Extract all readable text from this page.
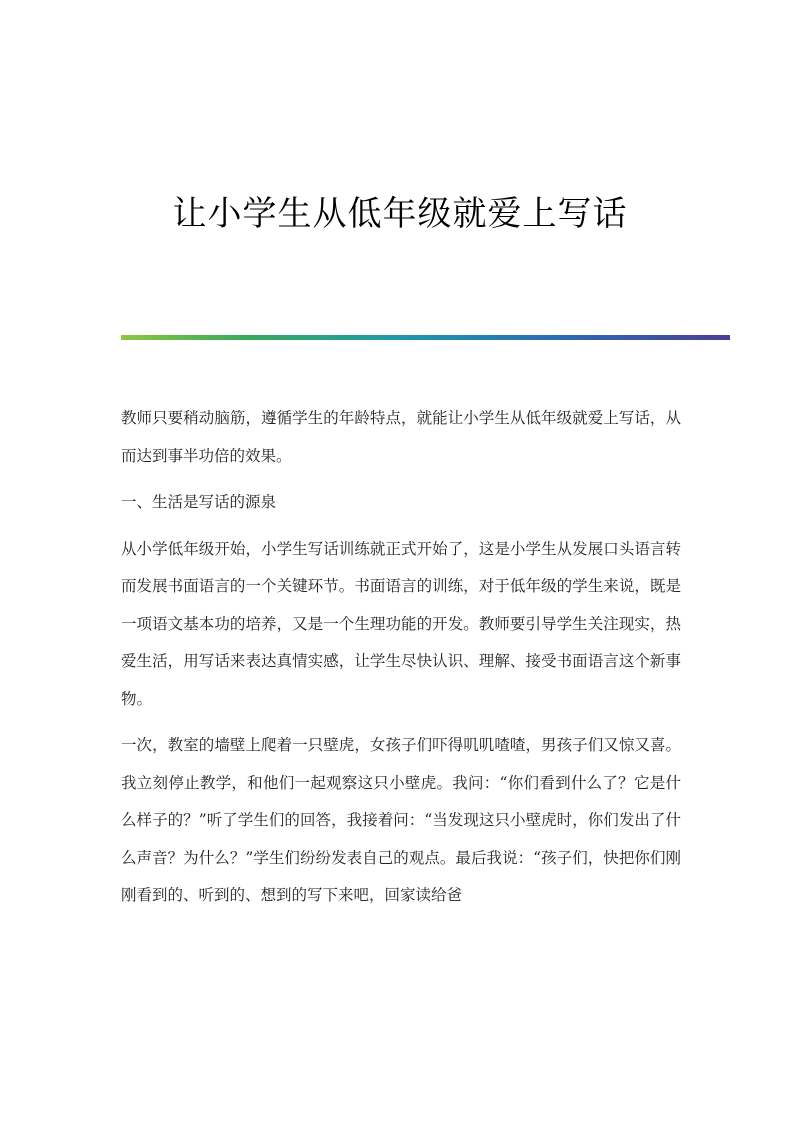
让小学生从低年级就爱上写话

教师只要稍动脑筋，遵循学生的年龄特点，就能让小学生从低年级就爱上写话，从而达到事半功倍的效果。

一、生活是写话的源泉

从小学低年级开始，小学生写话训练就正式开始了，这是小学生从发展口头语言转而发展书面语言的一个关键环节。书面语言的训练，对于低年级的学生来说，既是一项语文基本功的培养，又是一个生理功能的开发。教师要引导学生关注现实，热爱生活，用写话来表达真情实感，让学生尽快认识、理解、接受书面语言这个新事物。

一次，教室的墙壁上爬着一只壁虎，女孩子们吓得叽叽喳喳，男孩子们又惊又喜。我立刻停止教学，和他们一起观察这只小壁虎。我问：“你们看到什么了？它是什么样子的？”听了学生们的回答，我接着问：“当发现这只小壁虎时，你们发出了什么声音？为什么？”学生们纷纷发表自己的观点。最后我说：“孩子们，快把你们刚刚看到的、听到的、想到的写下来吧，回家读给爸
